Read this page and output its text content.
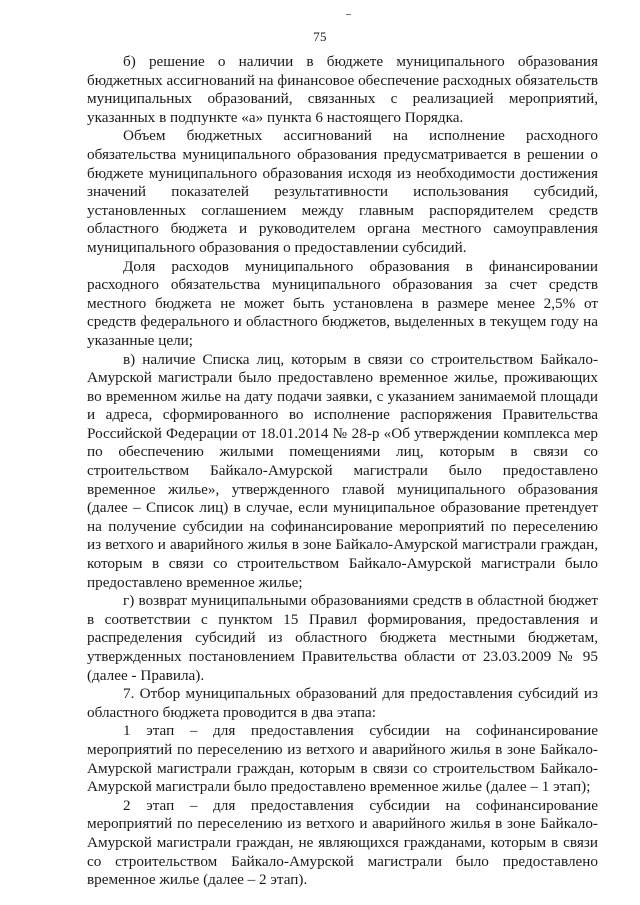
75

б) решение о наличии в бюджете муниципального образования бюджетных ассигнований на финансовое обеспечение расходных обязательств муниципальных образований, связанных с реализацией мероприятий, указанных в подпункте «а» пункта 6 настоящего Порядка.

Объем бюджетных ассигнований на исполнение расходного обязательства муниципального образования предусматривается в решении о бюджете муниципального образования исходя из необходимости достижения значений показателей результативности использования субсидий, установленных соглашением между главным распорядителем средств областного бюджета и руководителем органа местного самоуправления муниципального образования о предоставлении субсидий.

Доля расходов муниципального образования в финансировании расходного обязательства муниципального образования за счет средств местного бюджета не может быть установлена в размере менее 2,5% от средств федерального и областного бюджетов, выделенных в текущем году на указанные цели;

в) наличие Списка лиц, которым в связи со строительством Байкало-Амурской магистрали было предоставлено временное жилье, проживающих во временном жилье на дату подачи заявки, с указанием занимаемой площади и адреса, сформированного во исполнение распоряжения Правительства Российской Федерации от 18.01.2014 № 28-р «Об утверждении комплекса мер по обеспечению жилыми помещениями лиц, которым в связи со строительством Байкало-Амурской магистрали было предоставлено временное жилье», утвержденного главой муниципального образования (далее – Список лиц) в случае, если муниципальное образование претендует на получение субсидии на софинансирование мероприятий по переселению из ветхого и аварийного жилья в зоне Байкало-Амурской магистрали граждан, которым в связи со строительством Байкало-Амурской магистрали было предоставлено временное жилье;

г) возврат муниципальными образованиями средств в областной бюджет в соответствии с пунктом 15 Правил формирования, предоставления и распределения субсидий из областного бюджета местными бюджетам, утвержденных постановлением Правительства области от 23.03.2009 № 95 (далее - Правила).

7. Отбор муниципальных образований для предоставления субсидий из областного бюджета проводится в два этапа:

1 этап – для предоставления субсидии на софинансирование мероприятий по переселению из ветхого и аварийного жилья в зоне Байкало-Амурской магистрали граждан, которым в связи со строительством Байкало-Амурской магистрали было предоставлено временное жилье (далее – 1 этап);

2 этап – для предоставления субсидии на софинансирование мероприятий по переселению из ветхого и аварийного жилья в зоне Байкало-Амурской магистрали граждан, не являющихся гражданами, которым в связи со строительством Байкало-Амурской магистрали было предоставлено временное жилье (далее – 2 этап).
